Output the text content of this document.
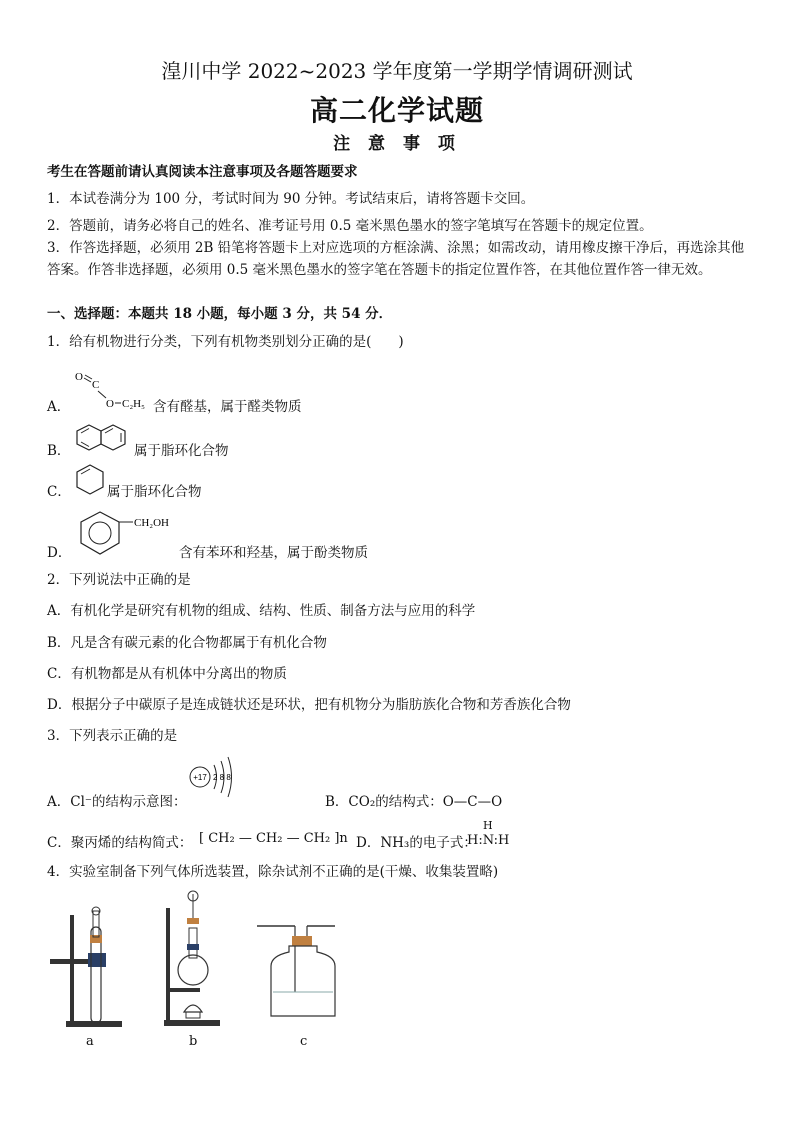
湟川中学 2022~2023 学年度第一学期学情调研测试
高二化学试题
注 意 事 项
考生在答题前请认真阅读本注意事项及各题答题要求
1．本试卷满分为 100 分，考试时间为 90 分钟。考试结束后，请将答题卡交回。
2．答题前，请务必将自己的姓名、准考证号用 0.5 毫米黑色墨水的签字笔填写在答题卡的规定位置。
3．作答选择题，必须用 2B 铅笔将答题卡上对应选项的方框涂满、涂黑；如需改动，请用橡皮擦干净后，再选涂其他答案。作答非选择题，必须用 0.5 毫米黑色墨水的签字笔在答题卡的指定位置作答，在其他位置作答一律无效。
一、选择题：本题共 18 小题，每小题 3 分，共 54 分．
1．给有机物进行分类，下列有机物类别划分正确的是(　　)
A．
O
C
O C₂H₅ 含有醛基，属于醛类物质
B．	属于脂环化合物
C．	属于脂环化合物
D．
CH₂OH
含有苯环和羟基，属于酚类物质
2．下列说法中正确的是
A．有机化学是研究有机物的组成、结构、性质、制备方法与应用的科学
B．凡是含有碳元素的化合物都属于有机化合物
C．有机物都是从有机体中分离出的物质
D．根据分子中碳原子是连成链状还是环状，把有机物分为脂肪族化合物和芳香族化合物
3．下列表示正确的是
A．Cl⁻的结构示意图：
+17 2 8 8
B．CO₂的结构式：O—C—O
C．聚丙烯的结构简式： [ CH₂ — CH₂ — CH₂ ]n D．NH₃的电子式：
H
H:N:H
4．实验室制备下列气体所选装置，除杂试剂不正确的是(干燥、收集装置略)
a	b	c
